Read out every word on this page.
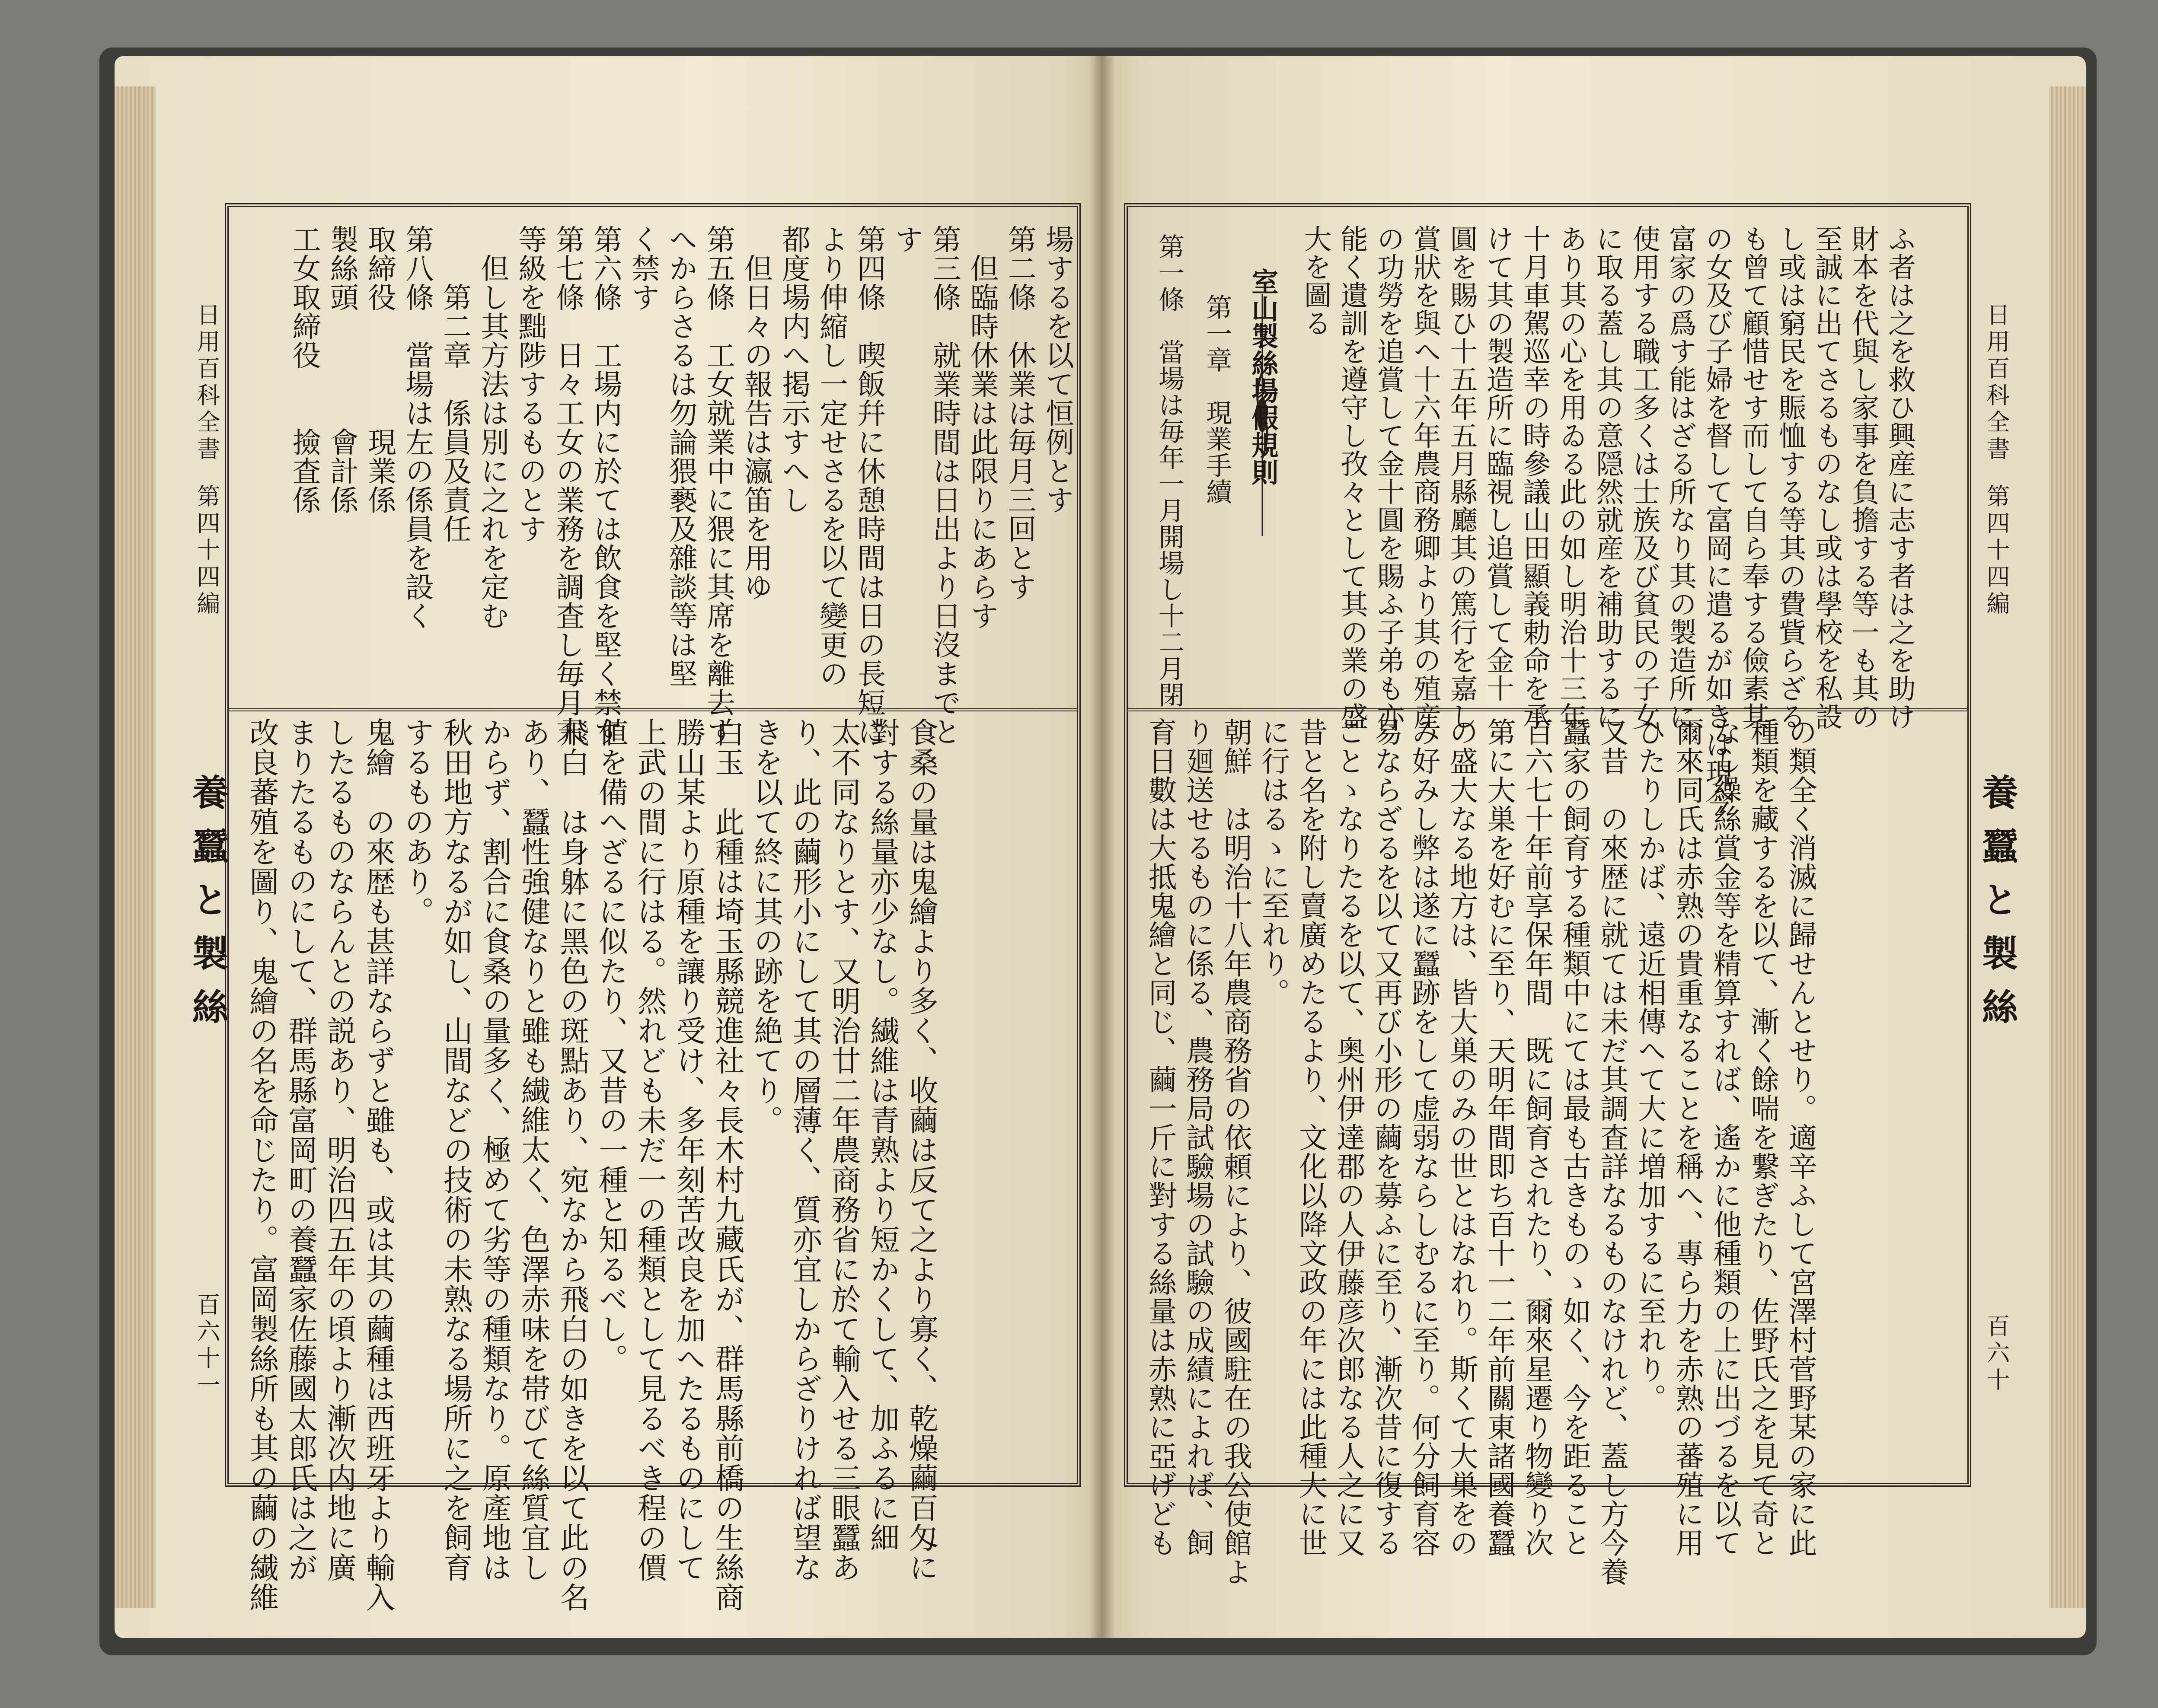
日用百科全書
第四十四編
養蠶と製絲
百六十一
場するを以て恒例とす
第二條　休業は毎月三回とす
　但臨時休業は此限りにあらす
第三條　就業時間は日出より日沒までと
す
第四條　喫飯幷に休憩時間は日の長短に
より伸縮し一定せさるを以て變更の
都度場内へ掲示すへし
　但日々の報告は瀛笛を用ゆ
第五條　工女就業中に猥に其席を離去す
へからさるは勿論猥褻及雜談等は堅
く禁す
第六條　工場内に於ては飲食を堅く禁す
第七條　日々工女の業務を調査し毎月末
等級を黜陟するものとす
　但し其方法は別に之れを定む
　　第二章　係員及責任
第八條　當場は左の係員を設く
取締役　　　　現業係
製絲頭　　　　會計係
工女取締役　　撿査係
食桑の量は鬼繪より多く、收繭は反て之より寡く、乾燥繭百匁に
對する絲量亦少なし。繊維は青熟より短かくして、加ふるに細
太不同なりとす、又明治廿二年農商務省に於て輸入せる三眼蠶あ
り、此の繭形小にして其の層薄く、質亦宜しからざりければ望な
きを以て終に其の跡を絶てり。
白玉　此種は埼玉縣競進社々長木村九藏氏が、群馬縣前橋の生絲商
勝山某より原種を讓り受け、多年刻苦改良を加へたるものにして
上武の間に行はる。然れども未だ一の種類として見るべき程の價
値を備へざるに似たり、又昔の一種と知るべし。
飛白　は身躰に黑色の斑點あり、宛なから飛白の如きを以て此の名
あり、蠶性強健なりと雖も繊維太く、色澤赤味を帯びて絲質宜し
からず、割合に食桑の量多く、極めて劣等の種類なり。原產地は
秋田地方なるが如し、山間などの技術の未熟なる場所に之を飼育
するものあり。
鬼繪　の來歴も甚詳ならずと雖も、或は其の繭種は西班牙より輸入
したるものならんとの説あり、明治四五年の頃より漸次内地に廣
まりたるものにして、群馬縣富岡町の養蠶家佐藤國太郎氏は之が
改良蕃殖を圖り、鬼繪の名を命じたり。富岡製絲所も其の繭の繊維
日用百科全書
第四十四編
養蠶と製絲
百六十
ふ者は之を救ひ興産に志す者は之を助け
財本を代與し家事を負擔する等一も其の
至誠に出てさるものなし或は學校を私設
し或は窮民を賑恤する等其の費貲らざる
も曾て顧惜せす而して自ら奉する儉素其
の女及び子婦を督して富岡に遣るが如きは現今
富家の爲す能はざる所なり其の製造所に
使用する職工多くは士族及び貧民の子女
に取る蓋し其の意隠然就産を補助するに
あり其の心を用ゐる此の如し明治十三年
十月車駕巡幸の時參議山田顯義勅命を承
けて其の製造所に臨視し追賞して金十
圓を賜ひ十五年五月縣廳其の篤行を嘉し
賞狀を與へ十六年農商務卿より其の殖産
の功勞を追賞して金十圓を賜ふ子弟も亦
能く遺訓を遵守し孜々として其の業の盛
大を圖る
室山製絲場假規則
第一章　現業手續
第一條　當場は毎年一月開場し十二月閉
の類全く消滅に歸せんとせり。適辛ふして宮澤村菅野某の家に此
種類を藏するを以て、漸く餘喘を繋ぎたり、佐野氏之を見て奇と
なし繰絲賞金等を精算すれば、遙かに他種類の上に出づるを以て
爾來同氏は赤熟の貴重なることを稱へ、專ら力を赤熟の蕃殖に用
ひたりしかば、遠近相傳へて大に増加するに至れり。
又昔　の來歴に就ては未だ其調査詳なるものなけれど、蓋し方今養
蠶家の飼育する種類中にては最も古きものゝ如く、今を距ること
百六七十年前享保年間　既に飼育されたり、爾來星遷り物變り次
第に大巣を好むに至り、天明年間即ち百十一二年前關東諸國養蠶
の盛大なる地方は、皆大巣のみの世とはなれり。斯くて大巣をの
み好みし弊は遂に蠶跡をして虚弱ならしむるに至り。何分飼育容
易ならざるを以て又再び小形の繭を募ふに至り、漸次昔に復する
ことゝなりたるを以て、奥州伊達郡の人伊藤彦次郎なる人之に又
昔と名を附し賣廣めたるより、文化以降文政の年には此種大に世
に行はるゝに至れり。
朝鮮　は明治十八年農商務省の依頼により、彼國駐在の我公使館よ
り廻送せるものに係る、農務局試驗場の試驗の成績によれば、飼
育日數は大抵鬼繪と同じ、繭一斤に對する絲量は赤熟に亞げども
